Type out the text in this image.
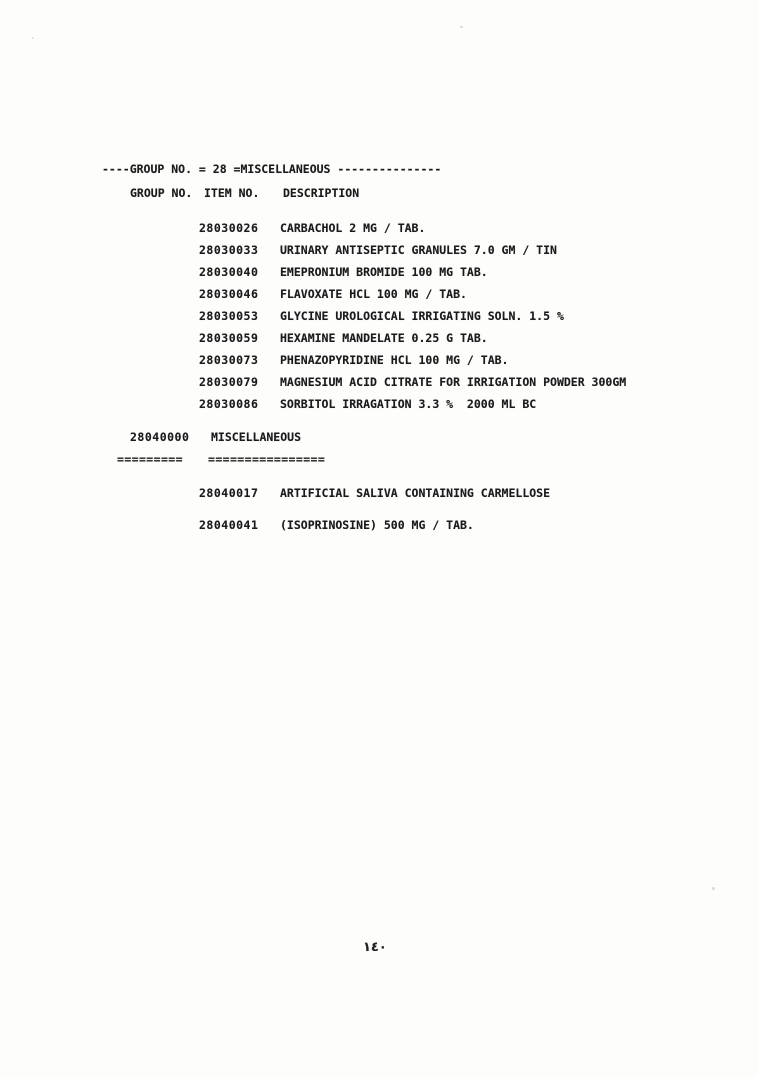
----GROUP NO. = 28 =MISCELLANEOUS ---------------
GROUP NO. ITEM NO. DESCRIPTION
28030026 CARBACHOL 2 MG / TAB.
28030033 URINARY ANTISEPTIC GRANULES 7.0 GM / TIN
28030040 EMEPRONIUM BROMIDE 100 MG TAB.
28030046 FLAVOXATE HCL 100 MG / TAB.
28030053 GLYCINE UROLOGICAL IRRIGATING SOLN. 1.5 %
28030059 HEXAMINE MANDELATE 0.25 G TAB.
28030073 PHENAZOPYRIDINE HCL 100 MG / TAB.
28030079 MAGNESIUM ACID CITRATE FOR IRRIGATION POWDER 300GM
28030086 SORBITOL IRRAGATION 3.3 %  2000 ML BC
28040000 MISCELLANEOUS
========= ================
28040017 ARTIFICIAL SALIVA CONTAINING CARMELLOSE
28040041 (ISOPRINOSINE) 500 MG / TAB.
١٤٠
